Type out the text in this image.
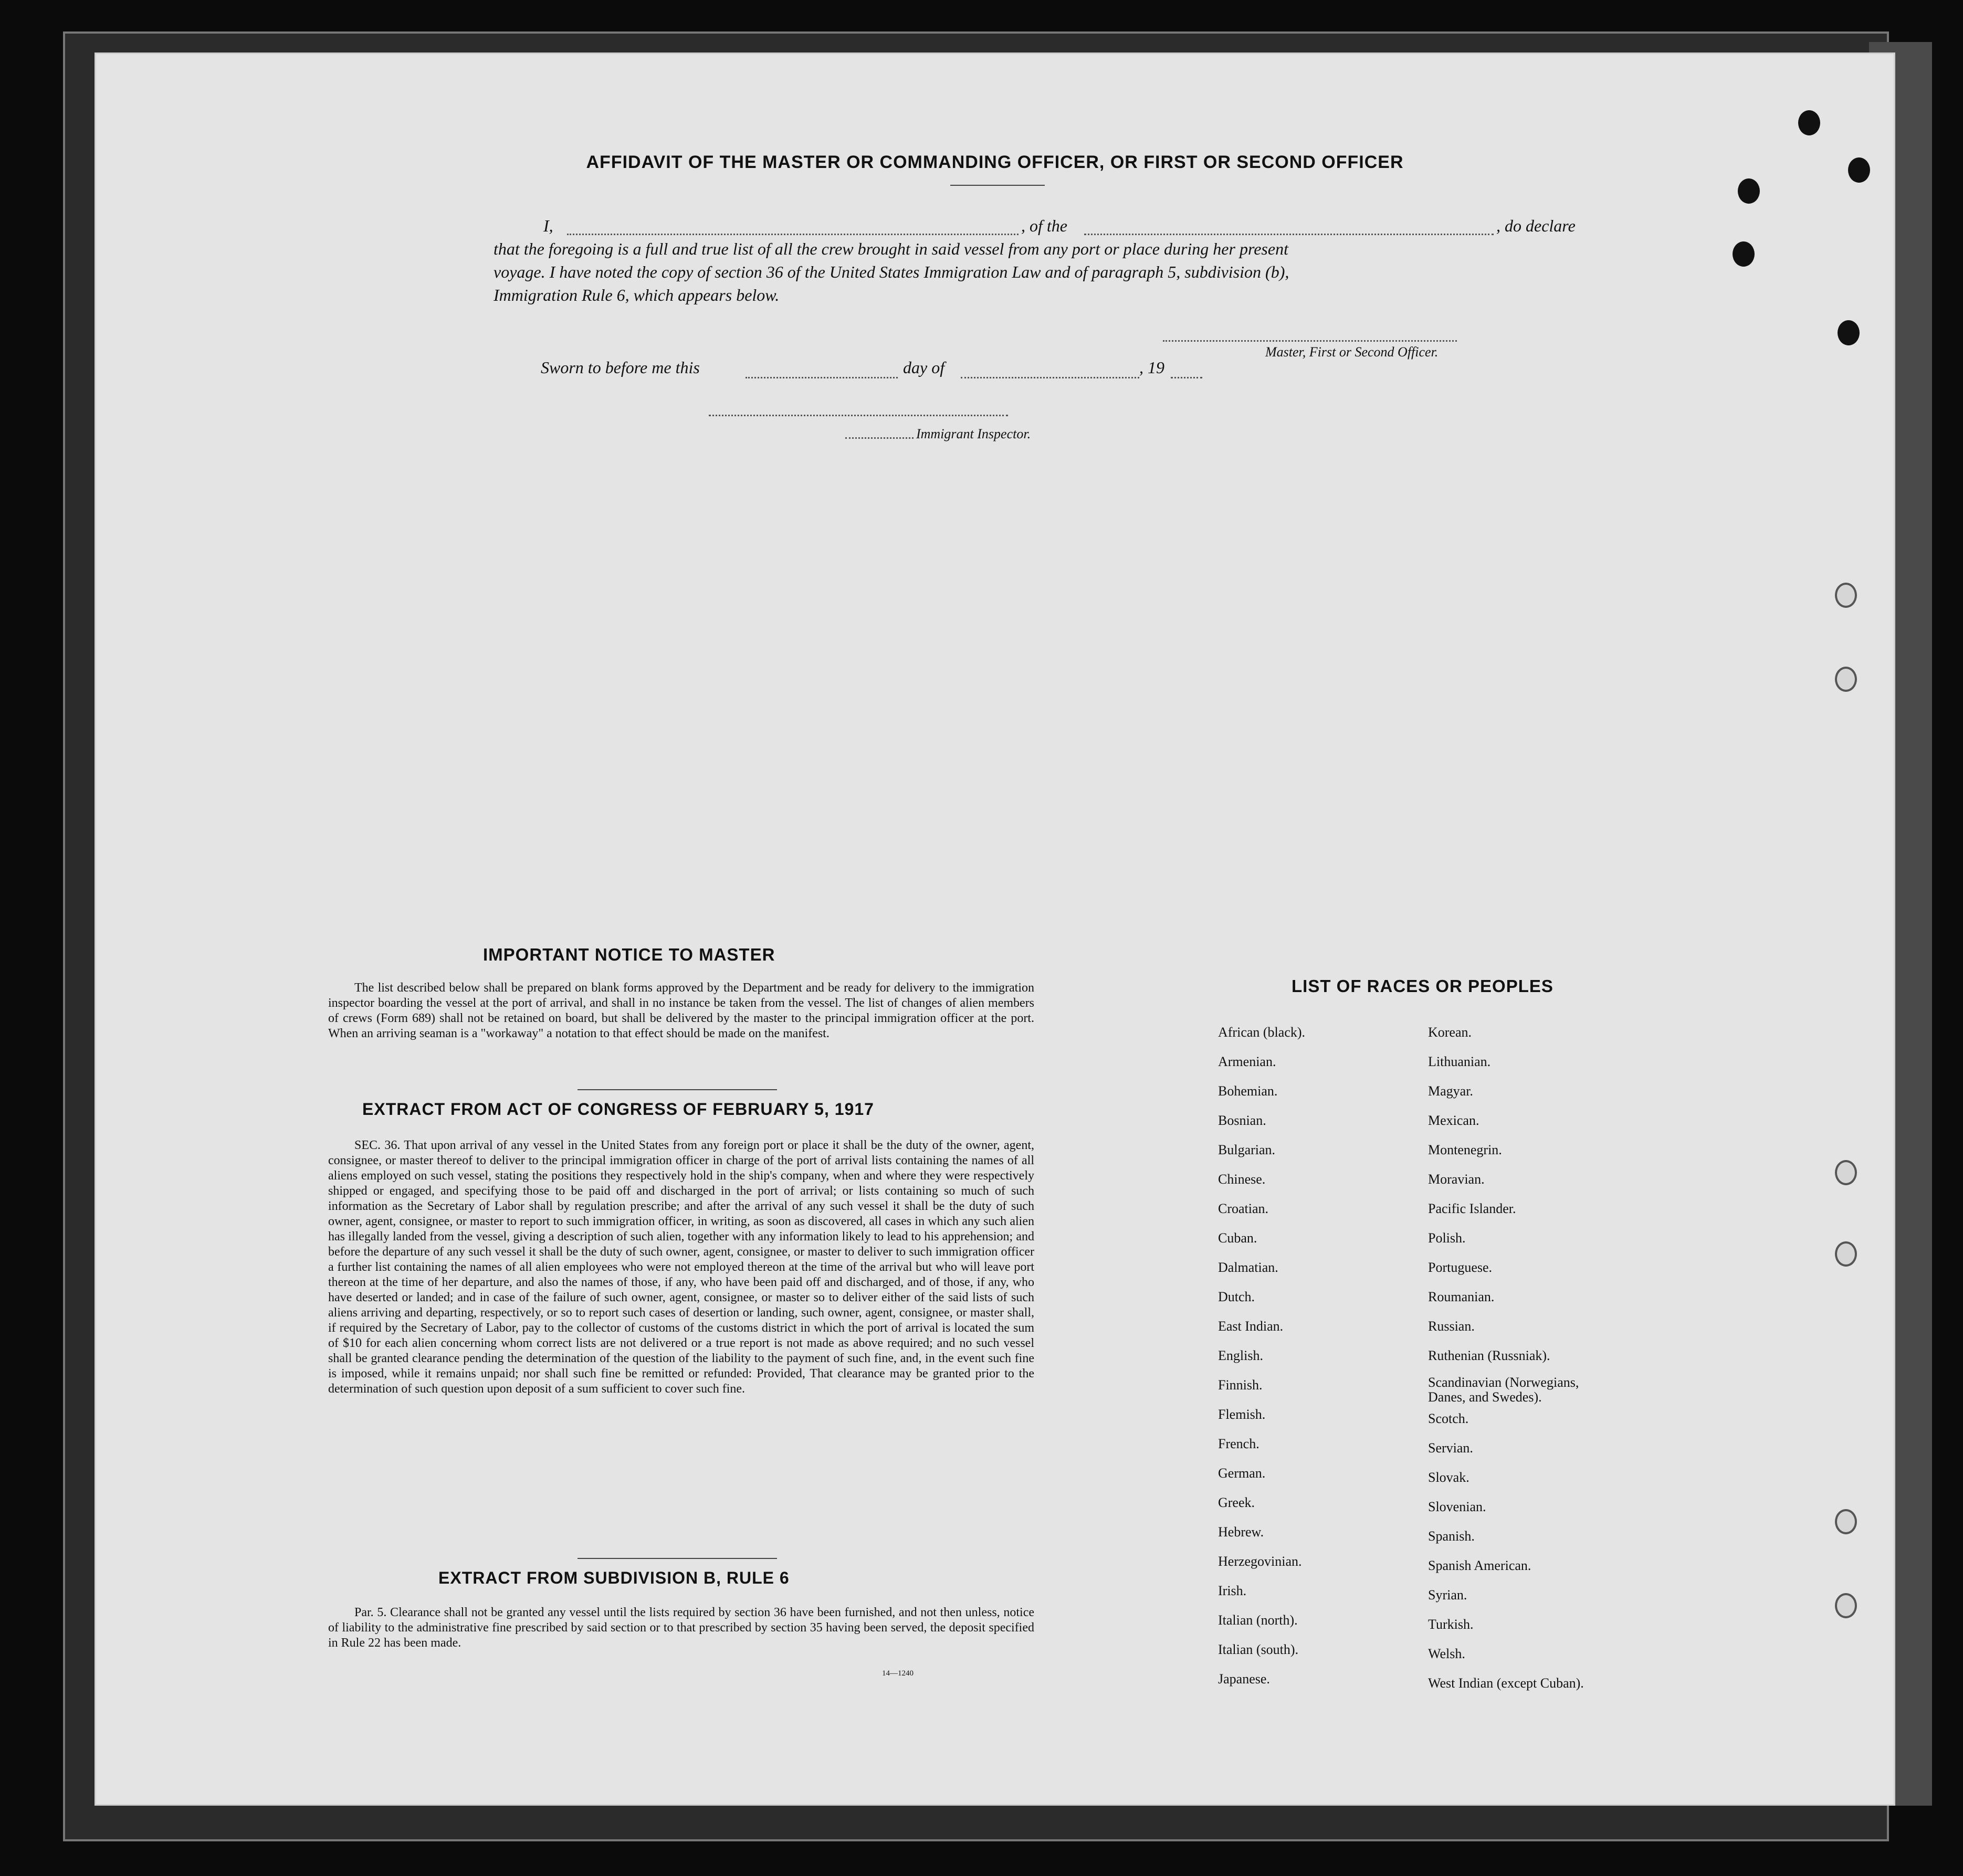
AFFIDAVIT OF THE MASTER OR COMMANDING OFFICER, OR FIRST OR SECOND OFFICER
I,	, of the	, do declare
that the foregoing is a full and true list of all the crew brought in said vessel from any port or place during her present
voyage. I have noted the copy of section 36 of the United States Immigration Law and of paragraph 5, subdivision (b),
Immigration Rule 6, which appears below.
Master, First or Second Officer.
Sworn to before me this	day of	, 19
Immigrant Inspector.
IMPORTANT NOTICE TO MASTER
The list described below shall be prepared on blank forms approved by the Department and be ready for delivery to the immigration inspector boarding the vessel at the port of arrival, and shall in no instance be taken from the vessel. The list of changes of alien members of crews (Form 689) shall not be retained on board, but shall be delivered by the master to the principal immigration officer at the port. When an arriving seaman is a "workaway" a notation to that effect should be made on the manifest.
EXTRACT FROM ACT OF CONGRESS OF FEBRUARY 5, 1917
SEC. 36. That upon arrival of any vessel in the United States from any foreign port or place it shall be the duty of the owner, agent, consignee, or master thereof to deliver to the principal immigration officer in charge of the port of arrival lists containing the names of all aliens employed on such vessel, stating the positions they respectively hold in the ship's company, when and where they were respectively shipped or engaged, and specifying those to be paid off and discharged in the port of arrival; or lists containing so much of such information as the Secretary of Labor shall by regulation prescribe; and after the arrival of any such vessel it shall be the duty of such owner, agent, consignee, or master to report to such immigration officer, in writing, as soon as discovered, all cases in which any such alien has illegally landed from the vessel, giving a description of such alien, together with any information likely to lead to his apprehension; and before the departure of any such vessel it shall be the duty of such owner, agent, consignee, or master to deliver to such immigration officer a further list containing the names of all alien employees who were not employed thereon at the time of the arrival but who will leave port thereon at the time of her departure, and also the names of those, if any, who have been paid off and discharged, and of those, if any, who have deserted or landed; and in case of the failure of such owner, agent, consignee, or master so to deliver either of the said lists of such aliens arriving and departing, respectively, or so to report such cases of desertion or landing, such owner, agent, consignee, or master shall, if required by the Secretary of Labor, pay to the collector of customs of the customs district in which the port of arrival is located the sum of $10 for each alien concerning whom correct lists are not delivered or a true report is not made as above required; and no such vessel shall be granted clearance pending the determination of the question of the liability to the payment of such fine, and, in the event such fine is imposed, while it remains unpaid; nor shall such fine be remitted or refunded: Provided, That clearance may be granted prior to the determination of such question upon deposit of a sum sufficient to cover such fine.
EXTRACT FROM SUBDIVISION B, RULE 6
Par. 5. Clearance shall not be granted any vessel until the lists required by section 36 have been furnished, and not then unless, notice of liability to the administrative fine prescribed by said section or to that prescribed by section 35 having been served, the deposit specified in Rule 22 has been made.
14—1240
LIST OF RACES OR PEOPLES
African (black).
Armenian.
Bohemian.
Bosnian.
Bulgarian.
Chinese.
Croatian.
Cuban.
Dalmatian.
Dutch.
East Indian.
English.
Finnish.
Flemish.
French.
German.
Greek.
Hebrew.
Herzegovinian.
Irish.
Italian (north).
Italian (south).
Japanese.
Korean.
Lithuanian.
Magyar.
Mexican.
Montenegrin.
Moravian.
Pacific Islander.
Polish.
Portuguese.
Roumanian.
Russian.
Ruthenian (Russniak).
Scandinavian (Norwegians, Danes, and Swedes).
Scotch.
Servian.
Slovak.
Slovenian.
Spanish.
Spanish American.
Syrian.
Turkish.
Welsh.
West Indian (except Cuban).
